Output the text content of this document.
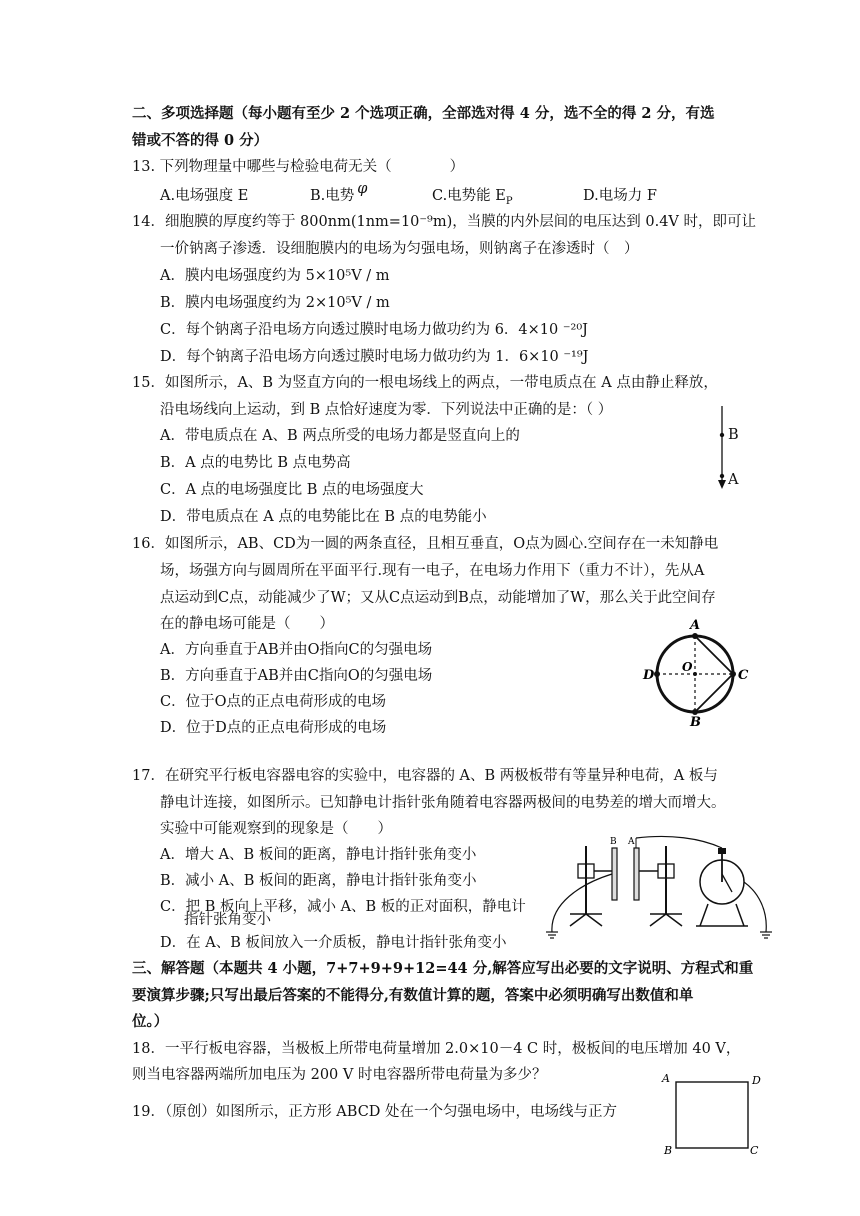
二、多项选择题（每小题有至少 2 个选项正确，全部选对得 4 分，选不全的得 2 分，有选
错或不答的得 0 分）
13. 下列物理量中哪些与检验电荷无关（　　　　）
A.电场强度 E	B.电势 φ	C.电势能 $E_P$	D.电场力 F
14．细胞膜的厚度约等于 800nm(1nm=10⁻⁹m)，当膜的内外层间的电压达到 0.4V 时，即可让
一价钠离子渗透．设细胞膜内的电场为匀强电场，则钠离子在渗透时（　）
A．膜内电场强度约为 5×10⁵V / m
B．膜内电场强度约为 2×10⁵V / m
C．每个钠离子沿电场方向透过膜时电场力做功约为 6．4×10 ⁻²⁰J
D．每个钠离子沿电场方向透过膜时电场力做功约为 1．6×10 ⁻¹⁹J
15．如图所示，A、B 为竖直方向的一根电场线上的两点，一带电质点在 A 点由静止释放，
沿电场线向上运动，到 B 点恰好速度为零．下列说法中正确的是：（ ）
A．带电质点在 A、B 两点所受的电场力都是竖直向上的
B．A 点的电势比 B 点电势高
C．A 点的电场强度比 B 点的电场强度大
D．带电质点在 A 点的电势能比在 B 点的电势能小
B
A
16．如图所示，AB、CD为一圆的两条直径，且相互垂直，O点为圆心.空间存在一未知静电
场，场强方向与圆周所在平面平行.现有一电子，在电场力作用下（重力不计），先从A
点运动到C点，动能减少了W；又从C点运动到B点，动能增加了W，那么关于此空间存
在的静电场可能是（　　）
A．方向垂直于AB并由O指向C的匀强电场
B．方向垂直于AB并由C指向O的匀强电场
C．位于O点的正点电荷形成的电场
D．位于D点的正点电荷形成的电场
A
B
C
D
O
17．在研究平行板电容器电容的实验中，电容器的 A、B 两极板带有等量异种电荷，A 板与
静电计连接，如图所示。已知静电计指针张角随着电容器两极间的电势差的增大而增大。
实验中可能观察到的现象是（　　）
A．增大 A、B 板间的距离，静电计指针张角变小
B．减小 A、B 板间的距离，静电计指针张角变小
C．把 B 板向上平移，减小 A、B 板的正对面积，静电计
指针张角变小
D．在 A、B 板间放入一介质板，静电计指针张角变小
B A
三、解答题（本题共 4 小题，7+7+9+9+12=44 分,解答应写出必要的文字说明、方程式和重
要演算步骤;只写出最后答案的不能得分,有数值计算的题，答案中必须明确写出数值和单
位。）
18．一平行板电容器，当极板上所带电荷量增加 2.0×10－4 C 时，极板间的电压增加 40 V，
则当电容器两端所加电压为 200 V 时电容器所带电荷量为多少？
19．（原创）如图所示，正方形 ABCD 处在一个匀强电场中，电场线与正方
A	D
B	C
